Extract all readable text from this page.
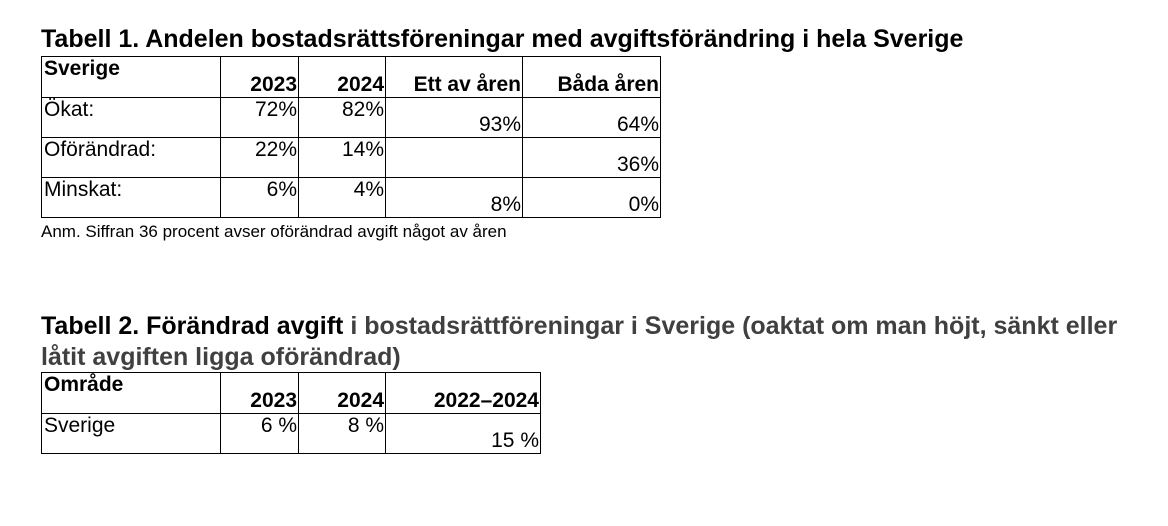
Tabell 1. Andelen bostadsrättsföreningar med avgiftsförändring i hela Sverige
Sverige	2023	2024	Ett av åren	Båda åren
Ökat:	72%	82%	93%	64%
Oförändrad:	22%	14%		36%
Minskat:	6%	4%	8%	0%

Anm. Siffran 36 procent avser oförändrad avgift något av åren

Tabell 2. Förändrad avgift i bostadsrättföreningar i Sverige (oaktat om man höjt, sänkt eller låtit avgiften ligga oförändrad)
Område	2023	2024	2022–2024
Sverige	6 %	8 %	15 %
